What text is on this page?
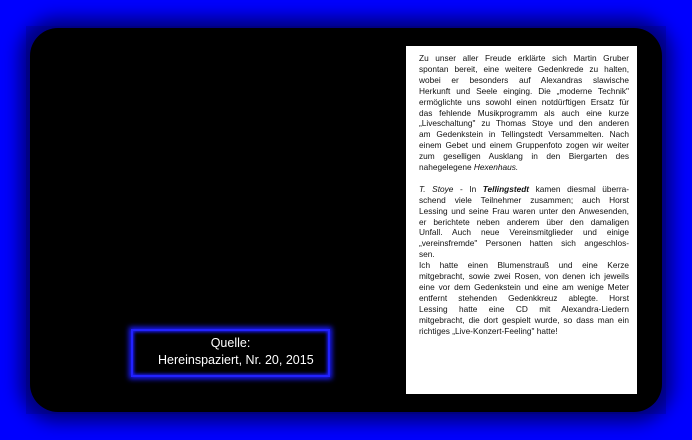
Quelle:
Hereinspaziert, Nr. 20, 2015
Zu unser aller Freude erklärte sich Martin Gruber
spontan bereit, eine weitere Gedenkrede zu halten,
wobei er besonders auf Alexandras slawische
Herkunft und Seele einging. Die „moderne Technik"
ermöglichte uns sowohl einen notdürftigen Ersatz für
das fehlende Musikprogramm als auch eine kurze
„Liveschaltung" zu Thomas Stoye und den anderen
am Gedenkstein in Tellingstedt Versammelten. Nach
einem Gebet und einem Gruppenfoto zogen wir weiter
zum geselligen Ausklang in den Biergarten des
nahegelegene Hexenhaus.
T. Stoye - In Tellingstedt kamen diesmal überra-
schend viele Teilnehmer zusammen; auch Horst
Lessing und seine Frau waren unter den Anwesenden,
er berichtete neben anderem über den damaligen
Unfall. Auch neue Vereinsmitglieder und einige
„vereinsfremde" Personen hatten sich angeschlos-
sen.
Ich hatte einen Blumenstrauß und eine Kerze
mitgebracht, sowie zwei Rosen, von denen ich jeweils
eine vor dem Gedenkstein und eine am wenige Meter
entfernt stehenden Gedenkkreuz ablegte. Horst
Lessing hatte eine CD mit Alexandra-Liedern
mitgebracht, die dort gespielt wurde, so dass man ein
richtiges „Live-Konzert-Feeling" hatte!
